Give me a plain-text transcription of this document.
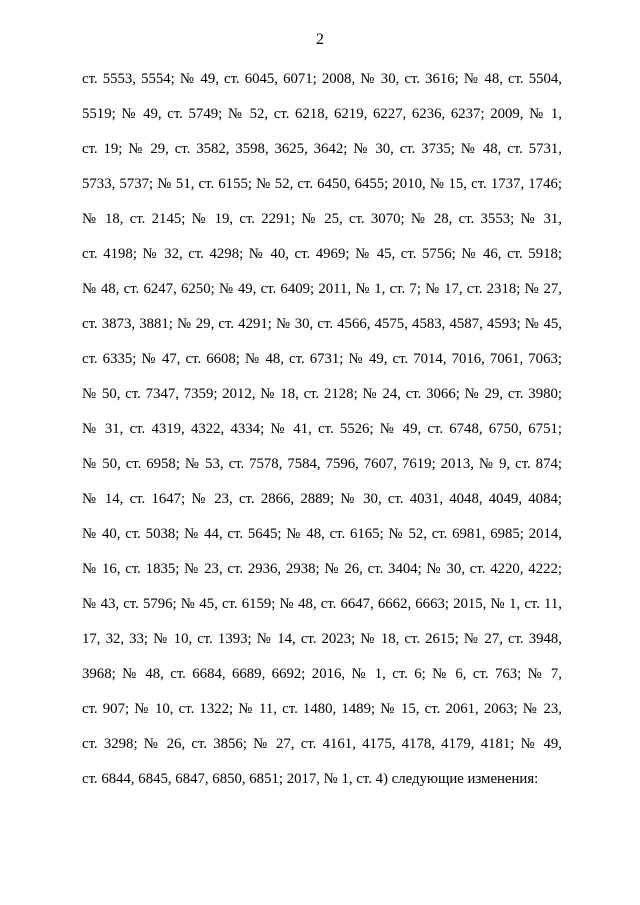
2
ст. 5553, 5554; № 49, ст. 6045, 6071; 2008, № 30, ст. 3616; № 48, ст. 5504,
5519; № 49, ст. 5749; № 52, ст. 6218, 6219, 6227, 6236, 6237; 2009, № 1,
ст. 19; № 29, ст. 3582, 3598, 3625, 3642; № 30, ст. 3735; № 48, ст. 5731,
5733, 5737; № 51, ст. 6155; № 52, ст. 6450, 6455; 2010, № 15, ст. 1737, 1746;
№ 18, ст. 2145; № 19, ст. 2291; № 25, ст. 3070; № 28, ст. 3553; № 31,
ст. 4198; № 32, ст. 4298; № 40, ст. 4969; № 45, ст. 5756; № 46, ст. 5918;
№ 48, ст. 6247, 6250; № 49, ст. 6409; 2011, № 1, ст. 7; № 17, ст. 2318; № 27,
ст. 3873, 3881; № 29, ст. 4291; № 30, ст. 4566, 4575, 4583, 4587, 4593; № 45,
ст. 6335; № 47, ст. 6608; № 48, ст. 6731; № 49, ст. 7014, 7016, 7061, 7063;
№ 50, ст. 7347, 7359; 2012, № 18, ст. 2128; № 24, ст. 3066; № 29, ст. 3980;
№ 31, ст. 4319, 4322, 4334; № 41, ст. 5526; № 49, ст. 6748, 6750, 6751;
№ 50, ст. 6958; № 53, ст. 7578, 7584, 7596, 7607, 7619; 2013, № 9, ст. 874;
№ 14, ст. 1647; № 23, ст. 2866, 2889; № 30, ст. 4031, 4048, 4049, 4084;
№ 40, ст. 5038; № 44, ст. 5645; № 48, ст. 6165; № 52, ст. 6981, 6985; 2014,
№ 16, ст. 1835; № 23, ст. 2936, 2938; № 26, ст. 3404; № 30, ст. 4220, 4222;
№ 43, ст. 5796; № 45, ст. 6159; № 48, ст. 6647, 6662, 6663; 2015, № 1, ст. 11,
17, 32, 33; № 10, ст. 1393; № 14, ст. 2023; № 18, ст. 2615; № 27, ст. 3948,
3968; № 48, ст. 6684, 6689, 6692; 2016, № 1, ст. 6; № 6, ст. 763; № 7,
ст. 907; № 10, ст. 1322; № 11, ст. 1480, 1489; № 15, ст. 2061, 2063; № 23,
ст. 3298; № 26, ст. 3856; № 27, ст. 4161, 4175, 4178, 4179, 4181; № 49,
ст. 6844, 6845, 6847, 6850, 6851; 2017, № 1, ст. 4) следующие изменения:
